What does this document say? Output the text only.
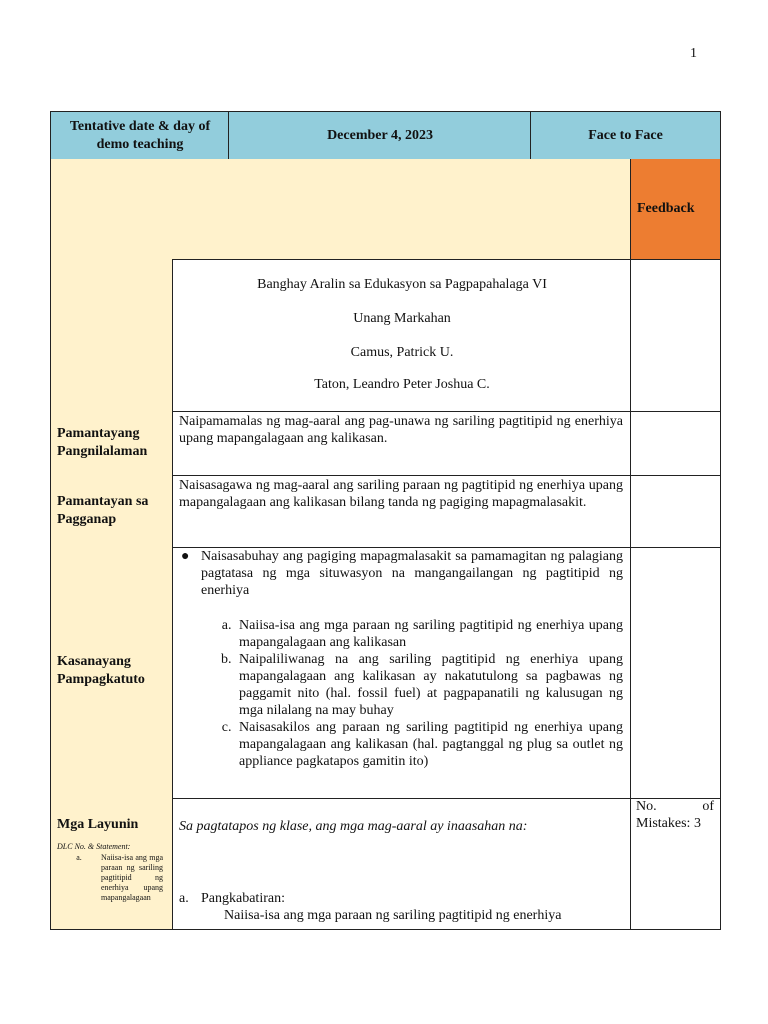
1
Tentative date & day of demo teaching
December 4, 2023	Face to Face
Feedback
Banghay Aralin sa Edukasyon sa Pagpapahalaga VI
Unang Markahan
Camus, Patrick U.
Taton, Leandro Peter Joshua C.
Pamantayang Pangnilalaman
Naipamamalas ng mag-aaral ang pag-unawa ng sariling pagtitipid ng enerhiya upang mapangalagaan ang kalikasan.
Pamantayan sa Pagganap
Naisasagawa ng mag-aaral ang sariling paraan ng pagtitipid ng enerhiya upang mapangalagaan ang kalikasan bilang tanda ng pagiging mapagmalasakit.
Kasanayang Pampagkatuto
● Naisasabuhay ang pagiging mapagmalasakit sa pamamagitan ng palagiang pagtatasa ng mga situwasyon na mangangailangan ng pagtitipid ng enerhiya
a. Naiisa-isa ang mga paraan ng sariling pagtitipid ng enerhiya upang mapangalagaan ang kalikasan
b. Naipaliliwanag na ang sariling pagtitipid ng enerhiya upang mapangalagaan ang kalikasan ay nakatutulong sa pagbawas ng paggamit nito (hal. fossil fuel) at pagpapanatili ng kalusugan ng mga nilalang na may buhay
c. Naisasakilos ang paraan ng sariling pagtitipid ng enerhiya upang mapangalagaan ang kalikasan (hal. pagtanggal ng plug sa outlet ng appliance pagkatapos gamitin ito)
Mga Layunin
DLC No. & Statement:
a.	Naiisa-isa ang mga paraan ng sariling pagtitipid ng enerhiya upang mapangalagaan
Sa pagtatapos ng klase, ang mga mag-aaral ay inaasahan na:
a. Pangkabatiran:
Naiisa-isa ang mga paraan ng sariling pagtitipid ng enerhiya
No. of Mistakes: 3
